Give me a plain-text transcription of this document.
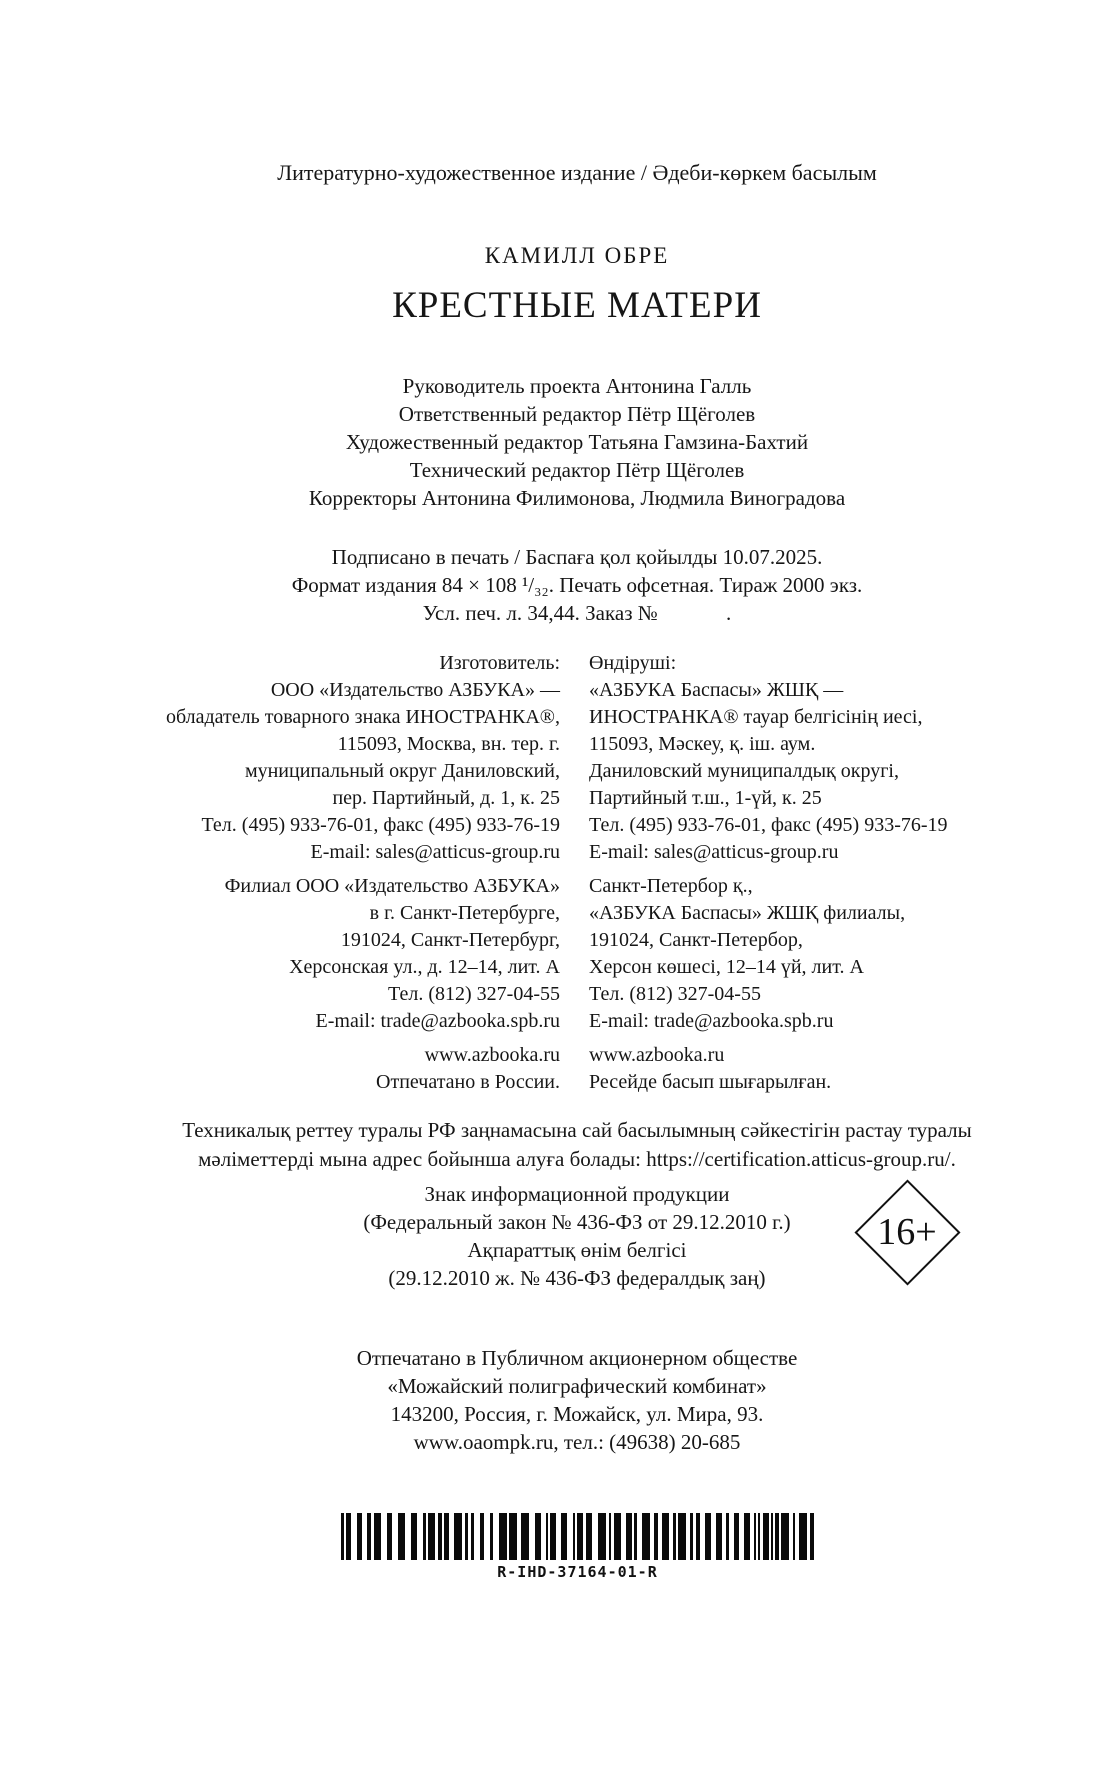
Литературно-художественное издание / Әдеби-көркем басылым
КАМИЛЛ ОБРЕ
КРЕСТНЫЕ МАТЕРИ
Руководитель проекта Антонина Галль
Ответственный редактор Пётр Щёголев
Художественный редактор Татьяна Гамзина-Бахтий
Технический редактор Пётр Щёголев
Корректоры Антонина Филимонова, Людмила Виноградова
Подписано в печать / Баспаға қол қойылды 10.07.2025.
Формат издания 84 × 108 ¹/₃₂. Печать офсетная. Тираж 2000 экз.
Усл. печ. л. 34,44. Заказ №             .
Изготовитель:
ООО «Издательство АЗБУКА» —
обладатель товарного знака ИНОСТРАНКА®,
115093, Москва, вн. тер. г.
муниципальный округ Даниловский,
пер. Партийный, д. 1, к. 25
Тел. (495) 933-76-01, факс (495) 933-76-19
E-mail: sales@atticus-group.ru
Филиал ООО «Издательство АЗБУКА»
в г. Санкт-Петербурге,
191024, Санкт-Петербург,
Херсонская ул., д. 12–14, лит. А
Тел. (812) 327-04-55
E-mail: trade@azbooka.spb.ru
www.azbooka.ru
Отпечатано в России.
Өндіруші:
«АЗБУКА Баспасы» ЖШҚ —
ИНОСТРАНКА® тауар белгісінің иесі,
115093, Мәскеу, қ. іш. аум.
Даниловский муниципалдық округі,
Партийный т.ш., 1-үй, к. 25
Тел. (495) 933-76-01, факс (495) 933-76-19
E-mail: sales@atticus-group.ru
Санкт-Петербор қ.,
«АЗБУКА Баспасы» ЖШҚ филиалы,
191024, Санкт-Петербор,
Херсон көшесі, 12–14 үй, лит. А
Тел. (812) 327-04-55
E-mail: trade@azbooka.spb.ru
www.azbooka.ru
Ресейде басып шығарылған.
Техникалық реттеу туралы РФ заңнамасына сай басылымның сәйкестігін растау туралы
мәліметтерді мына адрес бойынша алуға болады: https://certification.atticus-group.ru/.
Знак информационной продукции
(Федеральный закон № 436-ФЗ от 29.12.2010 г.)
Ақпараттық өнім белгісі
(29.12.2010 ж. № 436-ФЗ федералдық заң)
Отпечатано в Публичном акционерном обществе
«Можайский полиграфический комбинат»
143200, Россия, г. Можайск, ул. Мира, 93.
www.oaompk.ru, тел.: (49638) 20-685
R-IHD-37164-01-R
16+
